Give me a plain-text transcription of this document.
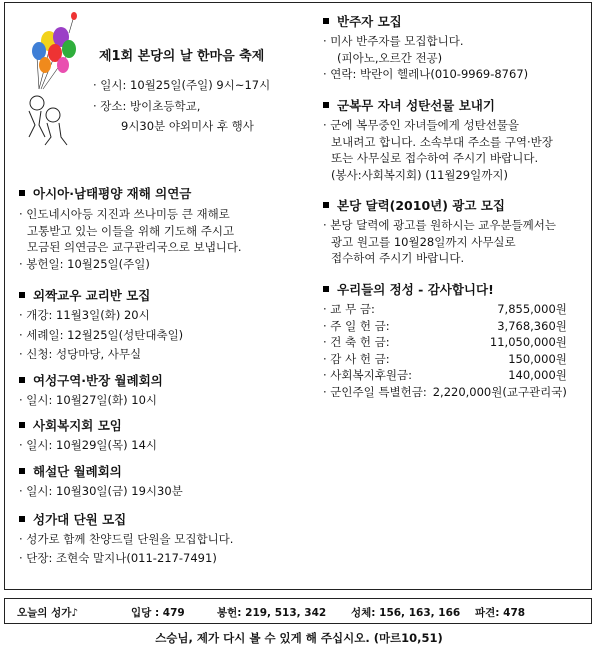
제1회 본당의 날 한마음 축제
· 일시: 10월25일(주일) 9시~17시
· 장소: 방이초등학교,
9시30분 야외미사 후 행사
아시아·남태평양 재해 의연금
· 인도네시아등 지진과 쓰나미등 큰 재해로
고통받고 있는 이들을 위해 기도해 주시고
모금된 의연금은 교구관리국으로 보냅니다.
· 봉헌일: 10월25일(주일)
외짝교우 교리반 모집
· 개강: 11월3일(화) 20시
· 세례일: 12월25일(성탄대축일)
· 신청: 성당마당, 사무실
여성구역·반장 월례회의
· 일시: 10월27일(화) 10시
사회복지회 모임
· 일시: 10월29일(목) 14시
해설단 월례회의
· 일시: 10월30일(금) 19시30분
성가대 단원 모집
· 성가로 함께 찬양드릴 단원을 모집합니다.
· 단장: 조현숙 말지나(011-217-7491)
반주자 모집
· 미사 반주자를 모집합니다.
(피아노,오르간 전공)
· 연락: 박란이 헬레나(010-9969-8767)
군복무 자녀 성탄선물 보내기
· 군에 복무중인 자녀들에게 성탄선물을
보내려고 합니다. 소속부대 주소를 구역·반장
또는 사무실로 접수하여 주시기 바랍니다.
(봉사:사회복지회) (11월29일까지)
본당 달력(2010년) 광고 모집
· 본당 달력에 광고를 원하시는 교우분들께서는
광고 원고를 10월28일까지 사무실로
접수하여 주시기 바랍니다.
우리들의 정성 - 감사합니다!
· 교 무 금:	7,855,000원
· 주 일 헌 금:	3,768,360원
· 건 축 헌 금:	11,050,000원
· 감 사 헌 금:	150,000원
· 사회복지후원금:	140,000원
· 군인주일 특별헌금:	2,220,000원(교구관리국)
오늘의 성가♪	입당 : 479	봉헌: 219, 513, 342 성체: 156, 163, 166 파견: 478
스승님, 제가 다시 볼 수 있게 해 주십시오. (마르10,51)
